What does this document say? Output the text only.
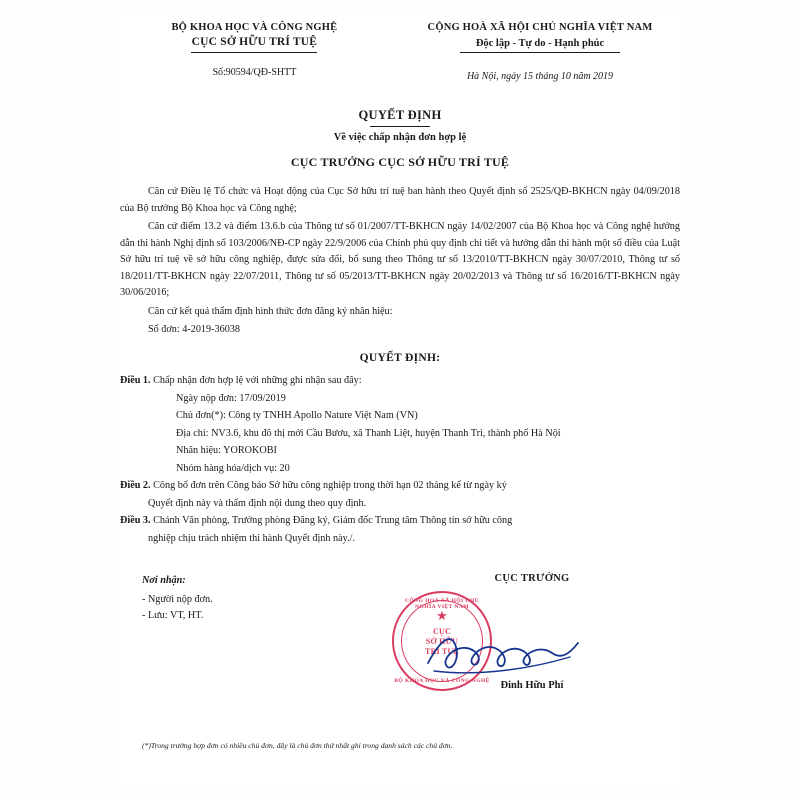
BỘ KHOA HỌC VÀ CÔNG NGHỆ
CỤC SỞ HỮU TRÍ TUỆ
Số:90594/QĐ-SHTT
CỘNG HOÀ XÃ HỘI CHỦ NGHĨA VIỆT NAM
Độc lập - Tự do - Hạnh phúc
Hà Nội, ngày 15 tháng 10 năm 2019
QUYẾT ĐỊNH
Về việc chấp nhận đơn hợp lệ
CỤC TRƯỞNG CỤC SỞ HỮU TRÍ TUỆ
Căn cứ Điều lệ Tổ chức và Hoạt động của Cục Sở hữu trí tuệ ban hành theo Quyết định số 2525/QĐ-BKHCN ngày 04/09/2018 của Bộ trưởng Bộ Khoa học và Công nghệ;
Căn cứ điểm 13.2 và điểm 13.6.b của Thông tư số 01/2007/TT-BKHCN ngày 14/02/2007 của Bộ Khoa học và Công nghệ hướng dẫn thi hành Nghị định số 103/2006/NĐ-CP ngày 22/9/2006 của Chính phủ quy định chi tiết và hướng dẫn thi hành một số điều của Luật Sở hữu trí tuệ về sở hữu công nghiệp, được sửa đổi, bổ sung theo Thông tư số 13/2010/TT-BKHCN ngày 30/07/2010, Thông tư số 18/2011/TT-BKHCN ngày 22/07/2011, Thông tư số 05/2013/TT-BKHCN ngày 20/02/2013 và Thông tư số 16/2016/TT-BKHCN ngày 30/06/2016;
Căn cứ kết quả thẩm định hình thức đơn đăng ký nhãn hiệu:
Số đơn: 4-2019-36038
QUYẾT ĐỊNH:
Điều 1. Chấp nhận đơn hợp lệ với những ghi nhận sau đây:
Ngày nộp đơn: 17/09/2019
Chủ đơn(*): Công ty TNHH Apollo Nature Việt Nam (VN)
Địa chỉ: NV3.6, khu đô thị mới Cầu Bươu, xã Thanh Liệt, huyện Thanh Trì, thành phố Hà Nội
Nhãn hiệu: YOROKOBI
Nhóm hàng hóa/dịch vụ: 20
Điều 2. Công bố đơn trên Công báo Sở hữu công nghiệp trong thời hạn 02 tháng kể từ ngày ký
Quyết định này và thẩm định nội dung theo quy định.
Điều 3. Chánh Văn phòng, Trưởng phòng Đăng ký, Giám đốc Trung tâm Thông tin sở hữu công
nghiệp chịu trách nhiệm thi hành Quyết định này./.
Nơi nhận:
- Người nộp đơn.
- Lưu: VT, HT.
CỤC TRƯỞNG
Đinh Hữu Phí
CỘNG HOÀ XÃ HỘI CHỦ NGHĨA VIỆT NAM
★
CỤC
SỞ HỮU
TRÍ TUỆ
BỘ KHOA HỌC VÀ CÔNG NGHỆ
(*)Trong trường hợp đơn có nhiều chủ đơn, đây là chủ đơn thứ nhất ghi trong danh sách các chủ đơn.
